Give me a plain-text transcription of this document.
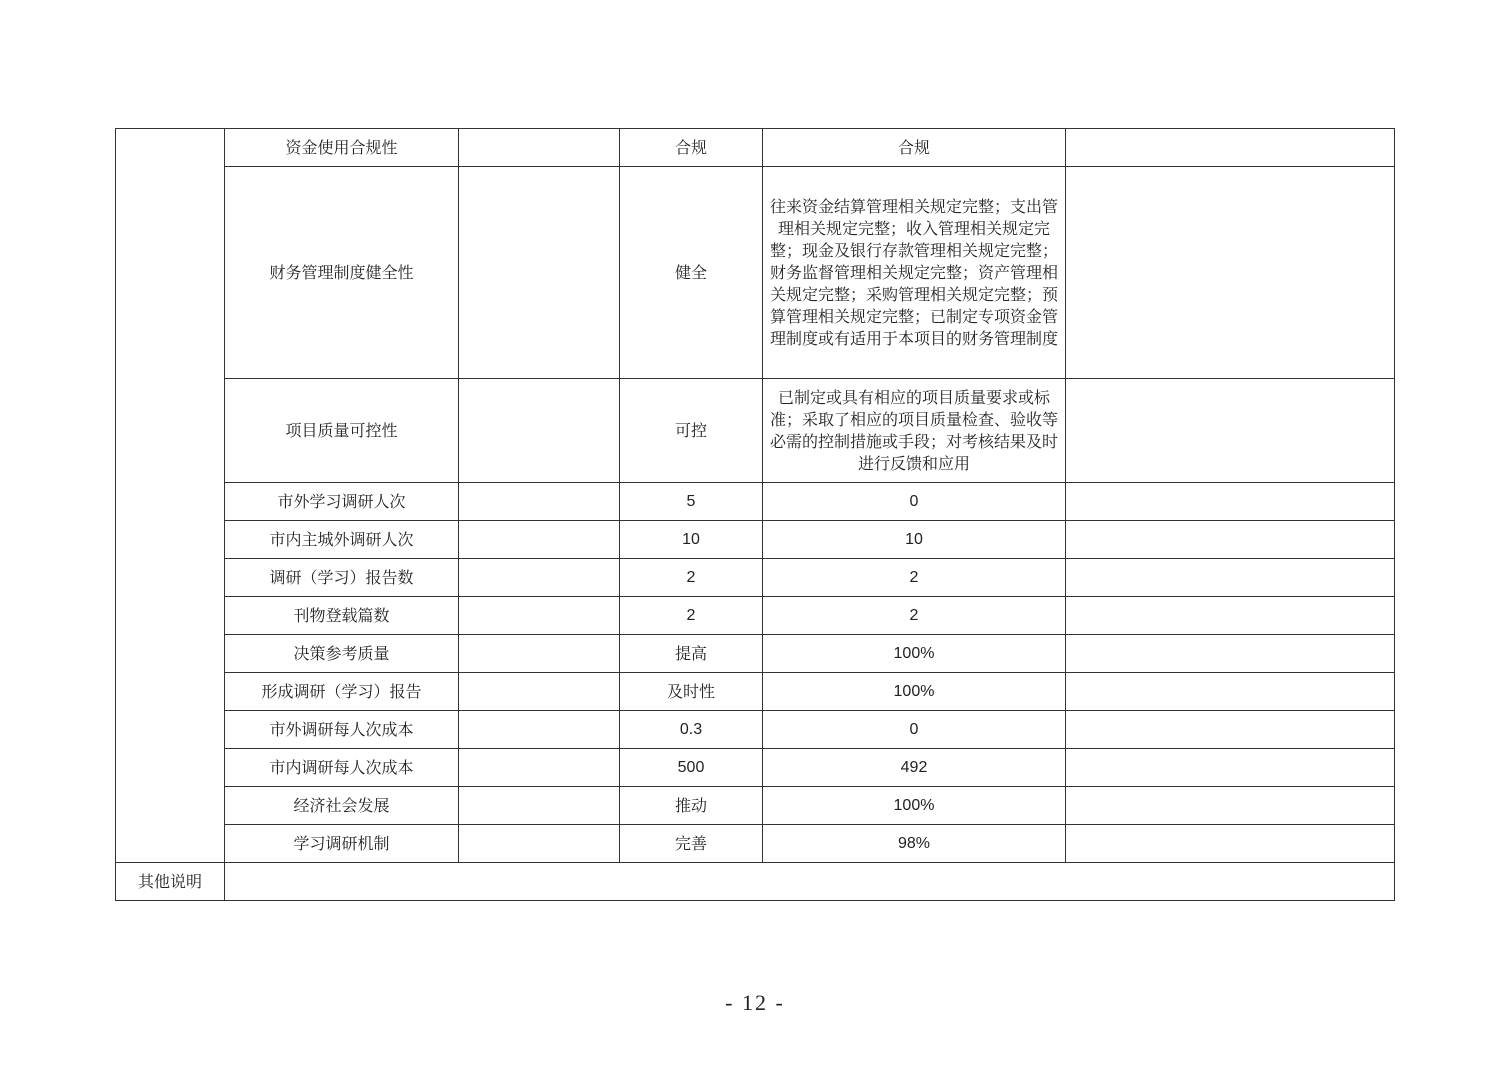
	资金使用合规性		合规	合规	
	财务管理制度健全性		健全	往来资金结算管理相关规定完整；支出管理相关规定完整；收入管理相关规定完整；现金及银行存款管理相关规定完整；财务监督管理相关规定完整；资产管理相关规定完整；采购管理相关规定完整；预算管理相关规定完整；已制定专项资金管理制度或有适用于本项目的财务管理制度	
	项目质量可控性		可控	已制定或具有相应的项目质量要求或标准；采取了相应的项目质量检查、验收等必需的控制措施或手段；对考核结果及时进行反馈和应用	
	市外学习调研人次		5	0	
	市内主城外调研人次		10	10	
	调研（学习）报告数		2	2	
	刊物登载篇数		2	2	
	决策参考质量		提高	100%	
	形成调研（学习）报告		及时性	100%	
	市外调研每人次成本		0.3	0	
	市内调研每人次成本		500	492	
	经济社会发展		推动	100%	
	学习调研机制		完善	98%	
其他说明					
- 12 -
